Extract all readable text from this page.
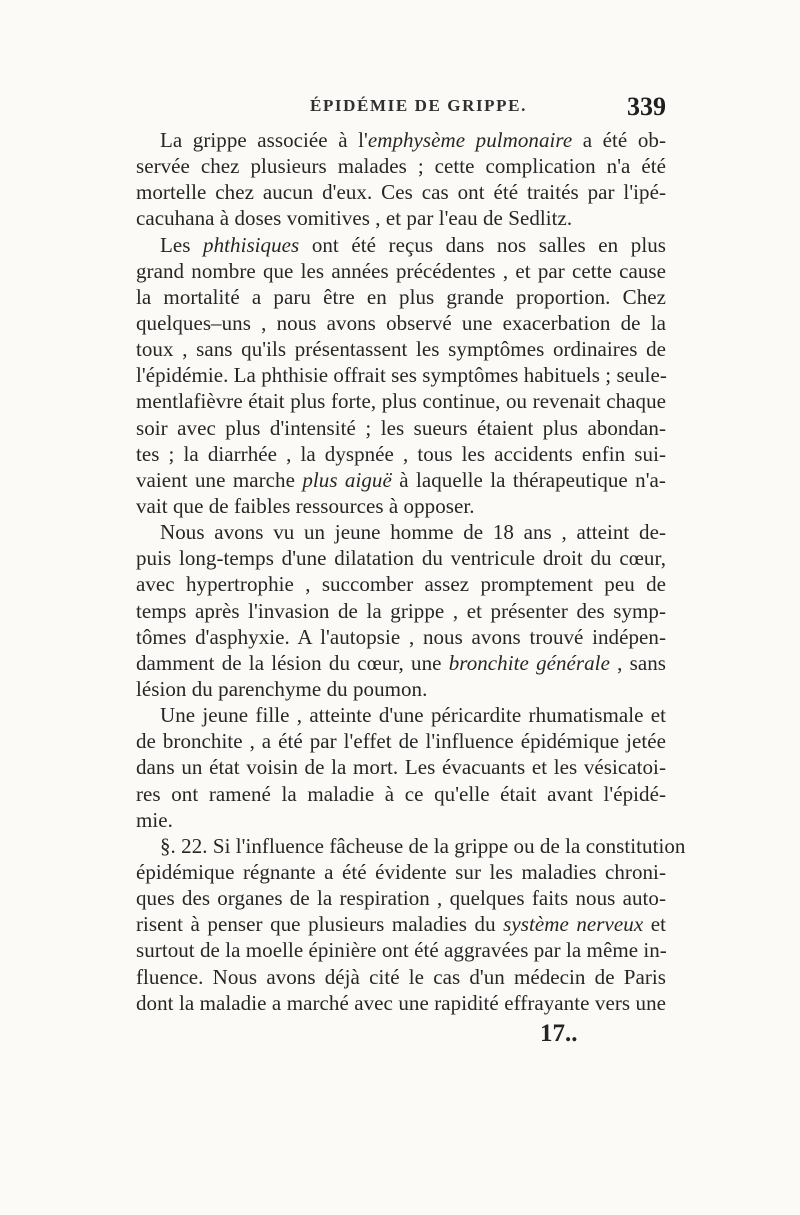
ÉPIDÉMIE DE GRIPPE.	339
La grippe associée à l'emphysème pulmonaire a été ob-
servée chez plusieurs malades ; cette complication n'a été
mortelle chez aucun d'eux. Ces cas ont été traités par l'ipé-
cacuhana à doses vomitives , et par l'eau de Sedlitz.
Les phthisiques ont été reçus dans nos salles en plus
grand nombre que les années précédentes , et par cette cause
la mortalité a paru être en plus grande proportion. Chez
quelques–uns , nous avons observé une exacerbation de la
toux , sans qu'ils présentassent les symptômes ordinaires de
l'épidémie. La phthisie offrait ses symptômes habituels ; seule-
mentlafièvre était plus forte, plus continue, ou revenait chaque
soir avec plus d'intensité ; les sueurs étaient plus abondan-
tes ; la diarrhée , la dyspnée , tous les accidents enfin sui-
vaient une marche plus aiguë à laquelle la thérapeutique n'a-
vait que de faibles ressources à opposer.
Nous avons vu un jeune homme de 18 ans , atteint de-
puis long-temps d'une dilatation du ventricule droit du cœur,
avec hypertrophie , succomber assez promptement peu de
temps après l'invasion de la grippe , et présenter des symp-
tômes d'asphyxie. A l'autopsie , nous avons trouvé indépen-
damment de la lésion du cœur, une bronchite générale , sans
lésion du parenchyme du poumon.
Une jeune fille , atteinte d'une péricardite rhumatismale et
de bronchite , a été par l'effet de l'influence épidémique jetée
dans un état voisin de la mort. Les évacuants et les vésicatoi-
res ont ramené la maladie à ce qu'elle était avant l'épidé-
mie.
§. 22. Si l'influence fâcheuse de la grippe ou de la constitution
épidémique régnante a été évidente sur les maladies chroni-
ques des organes de la respiration , quelques faits nous auto-
risent à penser que plusieurs maladies du système nerveux et
surtout de la moelle épinière ont été aggravées par la même in-
fluence. Nous avons déjà cité le cas d'un médecin de Paris
dont la maladie a marché avec une rapidité effrayante vers une
17..
